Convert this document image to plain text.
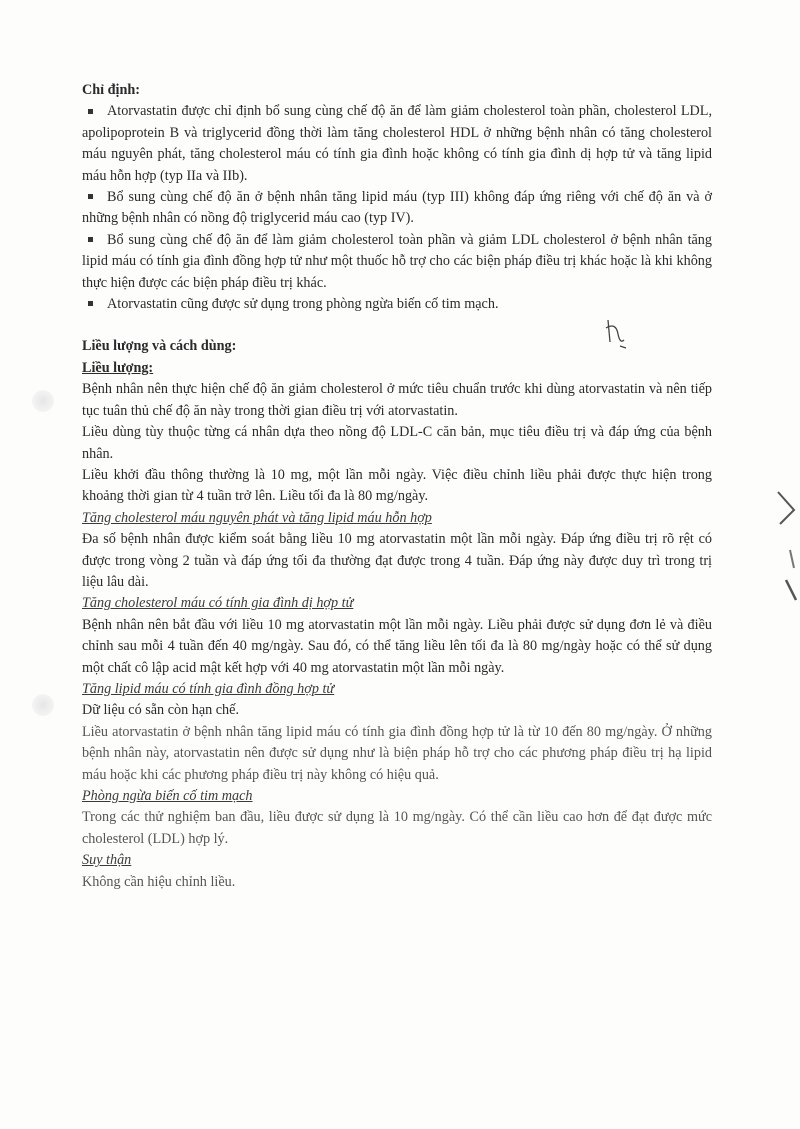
Chỉ định:

Atorvastatin được chỉ định bổ sung cùng chế độ ăn để làm giảm cholesterol toàn phần, cholesterol LDL, apolipoprotein B và triglycerid đồng thời làm tăng cholesterol HDL ở những bệnh nhân có tăng cholesterol máu nguyên phát, tăng cholesterol máu có tính gia đình hoặc không có tính gia đình dị hợp tử và tăng lipid máu hỗn hợp (typ IIa và IIb).

Bổ sung cùng chế độ ăn ở bệnh nhân tăng lipid máu (typ III) không đáp ứng riêng với chế độ ăn và ở những bệnh nhân có nồng độ triglycerid máu cao (typ IV).

Bổ sung cùng chế độ ăn để làm giảm cholesterol toàn phần và giảm LDL cholesterol ở bệnh nhân tăng lipid máu có tính gia đình đồng hợp tử như một thuốc hỗ trợ cho các biện pháp điều trị khác hoặc là khi không thực hiện được các biện pháp điều trị khác.

Atorvastatin cũng được sử dụng trong phòng ngừa biến cố tim mạch.

Liều lượng và cách dùng:

Liều lượng:

Bệnh nhân nên thực hiện chế độ ăn giảm cholesterol ở mức tiêu chuẩn trước khi dùng atorvastatin và nên tiếp tục tuân thủ chế độ ăn này trong thời gian điều trị với atorvastatin.

Liều dùng tùy thuộc từng cá nhân dựa theo nồng độ LDL-C căn bản, mục tiêu điều trị và đáp ứng của bệnh nhân.

Liều khởi đầu thông thường là 10 mg, một lần mỗi ngày. Việc điều chỉnh liều phải được thực hiện trong khoảng thời gian từ 4 tuần trở lên. Liều tối đa là 80 mg/ngày.

Tăng cholesterol máu nguyên phát và tăng lipid máu hỗn hợp

Đa số bệnh nhân được kiểm soát bằng liều 10 mg atorvastatin một lần mỗi ngày. Đáp ứng điều trị rõ rệt có được trong vòng 2 tuần và đáp ứng tối đa thường đạt được trong 4 tuần. Đáp ứng này được duy trì trong trị liệu lâu dài.

Tăng cholesterol máu có tính gia đình dị hợp tử

Bệnh nhân nên bắt đầu với liều 10 mg atorvastatin một lần mỗi ngày. Liều phải được sử dụng đơn lẻ và điều chỉnh sau mỗi 4 tuần đến 40 mg/ngày. Sau đó, có thể tăng liều lên tối đa là 80 mg/ngày hoặc có thể sử dụng một chất cô lập acid mật kết hợp với 40 mg atorvastatin một lần mỗi ngày.

Tăng lipid máu có tính gia đình đồng hợp tử

Dữ liệu có sẵn còn hạn chế.

Liều atorvastatin ở bệnh nhân tăng lipid máu có tính gia đình đồng hợp tử là từ 10 đến 80 mg/ngày. Ở những bệnh nhân này, atorvastatin nên được sử dụng như là biện pháp hỗ trợ cho các phương pháp điều trị hạ lipid máu hoặc khi các phương pháp điều trị này không có hiệu quả.

Phòng ngừa biến cố tim mạch

Trong các thử nghiệm ban đầu, liều được sử dụng là 10 mg/ngày. Có thể cần liều cao hơn để đạt được mức cholesterol (LDL) hợp lý.

Suy thận

Không cần hiệu chỉnh liều.
